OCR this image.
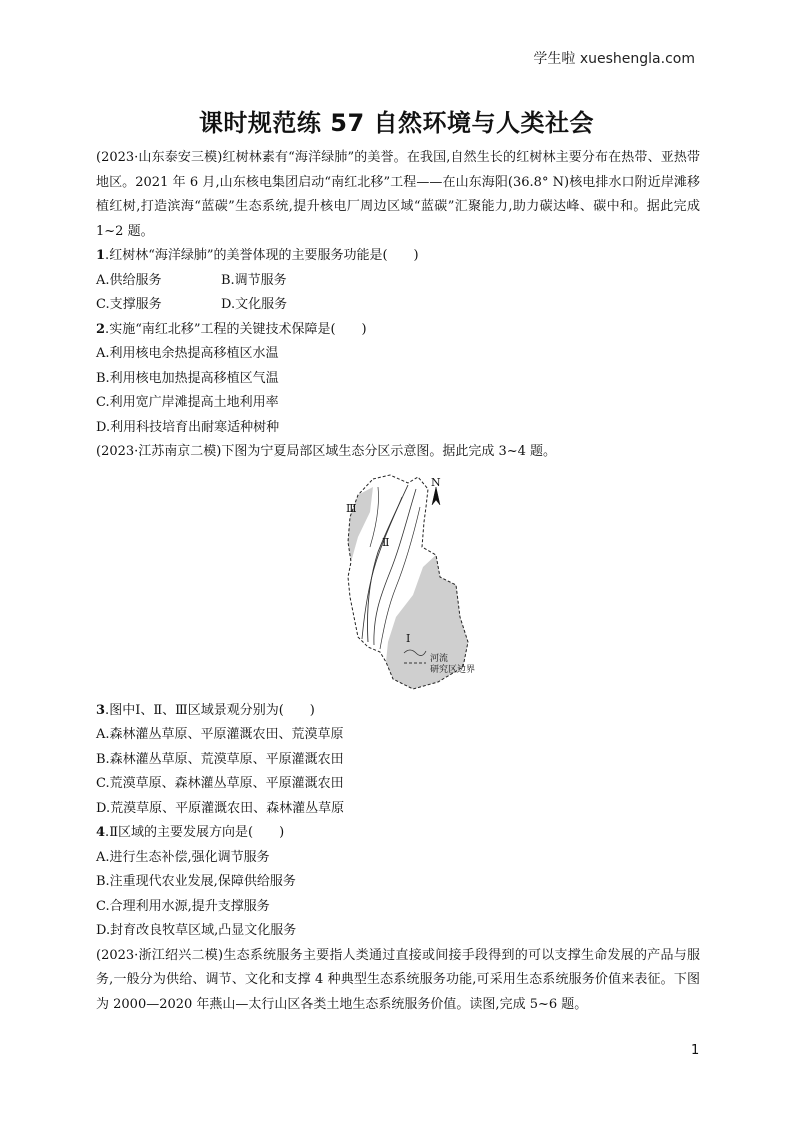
学生啦 xueshengla.com
课时规范练 57 自然环境与人类社会

(2023·山东泰安三模)红树林素有“海洋绿肺”的美誉。在我国,自然生长的红树林主要分布在热带、亚热带地区。2021 年 6 月,山东核电集团启动“南红北移”工程——在山东海阳(36.8° N)核电排水口附近岸滩移植红树,打造滨海“蓝碳”生态系统,提升核电厂周边区域“蓝碳”汇聚能力,助力碳达峰、碳中和。据此完成 1~2 题。

1.红树林“海洋绿肺”的美誉体现的主要服务功能是(　　)

A.供给服务	B.调节服务
C.支撑服务	D.文化服务

2.实施“南红北移”工程的关键技术保障是(　　)

A.利用核电余热提高移植区水温

B.利用核电加热提高移植区气温

C.利用宽广岸滩提高土地利用率

D.利用科技培育出耐寒适种树种

(2023·江苏南京二模)下图为宁夏局部区域生态分区示意图。据此完成 3~4 题。

N
Ⅲ
Ⅱ
Ⅰ
河流
研究区边界

3.图中Ⅰ、Ⅱ、Ⅲ区域景观分别为(　　)

A.森林灌丛草原、平原灌溉农田、荒漠草原

B.森林灌丛草原、荒漠草原、平原灌溉农田

C.荒漠草原、森林灌丛草原、平原灌溉农田

D.荒漠草原、平原灌溉农田、森林灌丛草原

4.Ⅱ区域的主要发展方向是(　　)

A.进行生态补偿,强化调节服务

B.注重现代农业发展,保障供给服务

C.合理利用水源,提升支撑服务

D.封育改良牧草区域,凸显文化服务

(2023·浙江绍兴二模)生态系统服务主要指人类通过直接或间接手段得到的可以支撑生命发展的产品与服务,一般分为供给、调节、文化和支撑 4 种典型生态系统服务功能,可采用生态系统服务价值来表征。下图为 2000—2020 年燕山—太行山区各类土地生态系统服务价值。读图,完成 5~6 题。

1
